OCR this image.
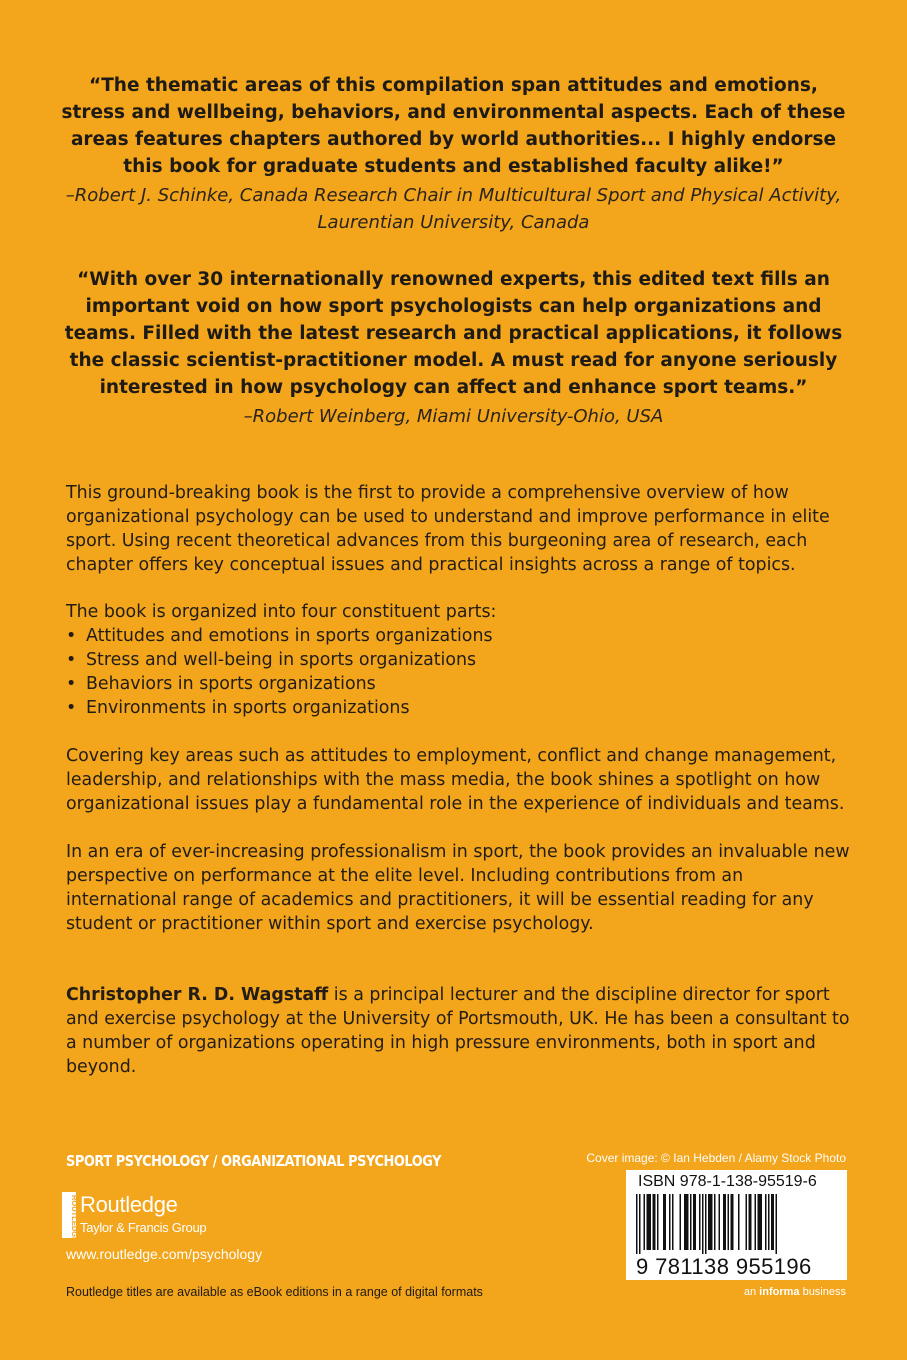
“The thematic areas of this compilation span attitudes and emotions, stress and wellbeing, behaviors, and environmental aspects. Each of these areas features chapters authored by world authorities... I highly endorse this book for graduate students and established faculty alike!”

–Robert J. Schinke, Canada Research Chair in Multicultural Sport and Physical Activity, Laurentian University, Canada

“With over 30 internationally renowned experts, this edited text fills an important void on how sport psychologists can help organizations and teams. Filled with the latest research and practical applications, it follows the classic scientist-practitioner model. A must read for anyone seriously interested in how psychology can affect and enhance sport teams.”

–Robert Weinberg, Miami University-Ohio, USA

This ground-breaking book is the first to provide a comprehensive overview of how organizational psychology can be used to understand and improve performance in elite sport. Using recent theoretical advances from this burgeoning area of research, each chapter offers key conceptual issues and practical insights across a range of topics.

The book is organized into four constituent parts:

• Attitudes and emotions in sports organizations
• Stress and well-being in sports organizations
• Behaviors in sports organizations
• Environments in sports organizations

Covering key areas such as attitudes to employment, conflict and change management, leadership, and relationships with the mass media, the book shines a spotlight on how organizational issues play a fundamental role in the experience of individuals and teams.

In an era of ever-increasing professionalism in sport, the book provides an invaluable new perspective on performance at the elite level. Including contributions from an international range of academics and practitioners, it will be essential reading for any student or practitioner within sport and exercise psychology.

Christopher R. D. Wagstaff is a principal lecturer and the discipline director for sport and exercise psychology at the University of Portsmouth, UK. He has been a consultant to a number of organizations operating in high pressure environments, both in sport and beyond.

SPORT PSYCHOLOGY / ORGANIZATIONAL PSYCHOLOGY
ROUTLEDGE Routledge
Taylor & Francis Group
www.routledge.com/psychology
Routledge titles are available as eBook editions in a range of digital formats
Cover image: © Ian Hebden / Alamy Stock Photo
ISBN 978-1-138-95519-6
9 781138 955196
an informa business
